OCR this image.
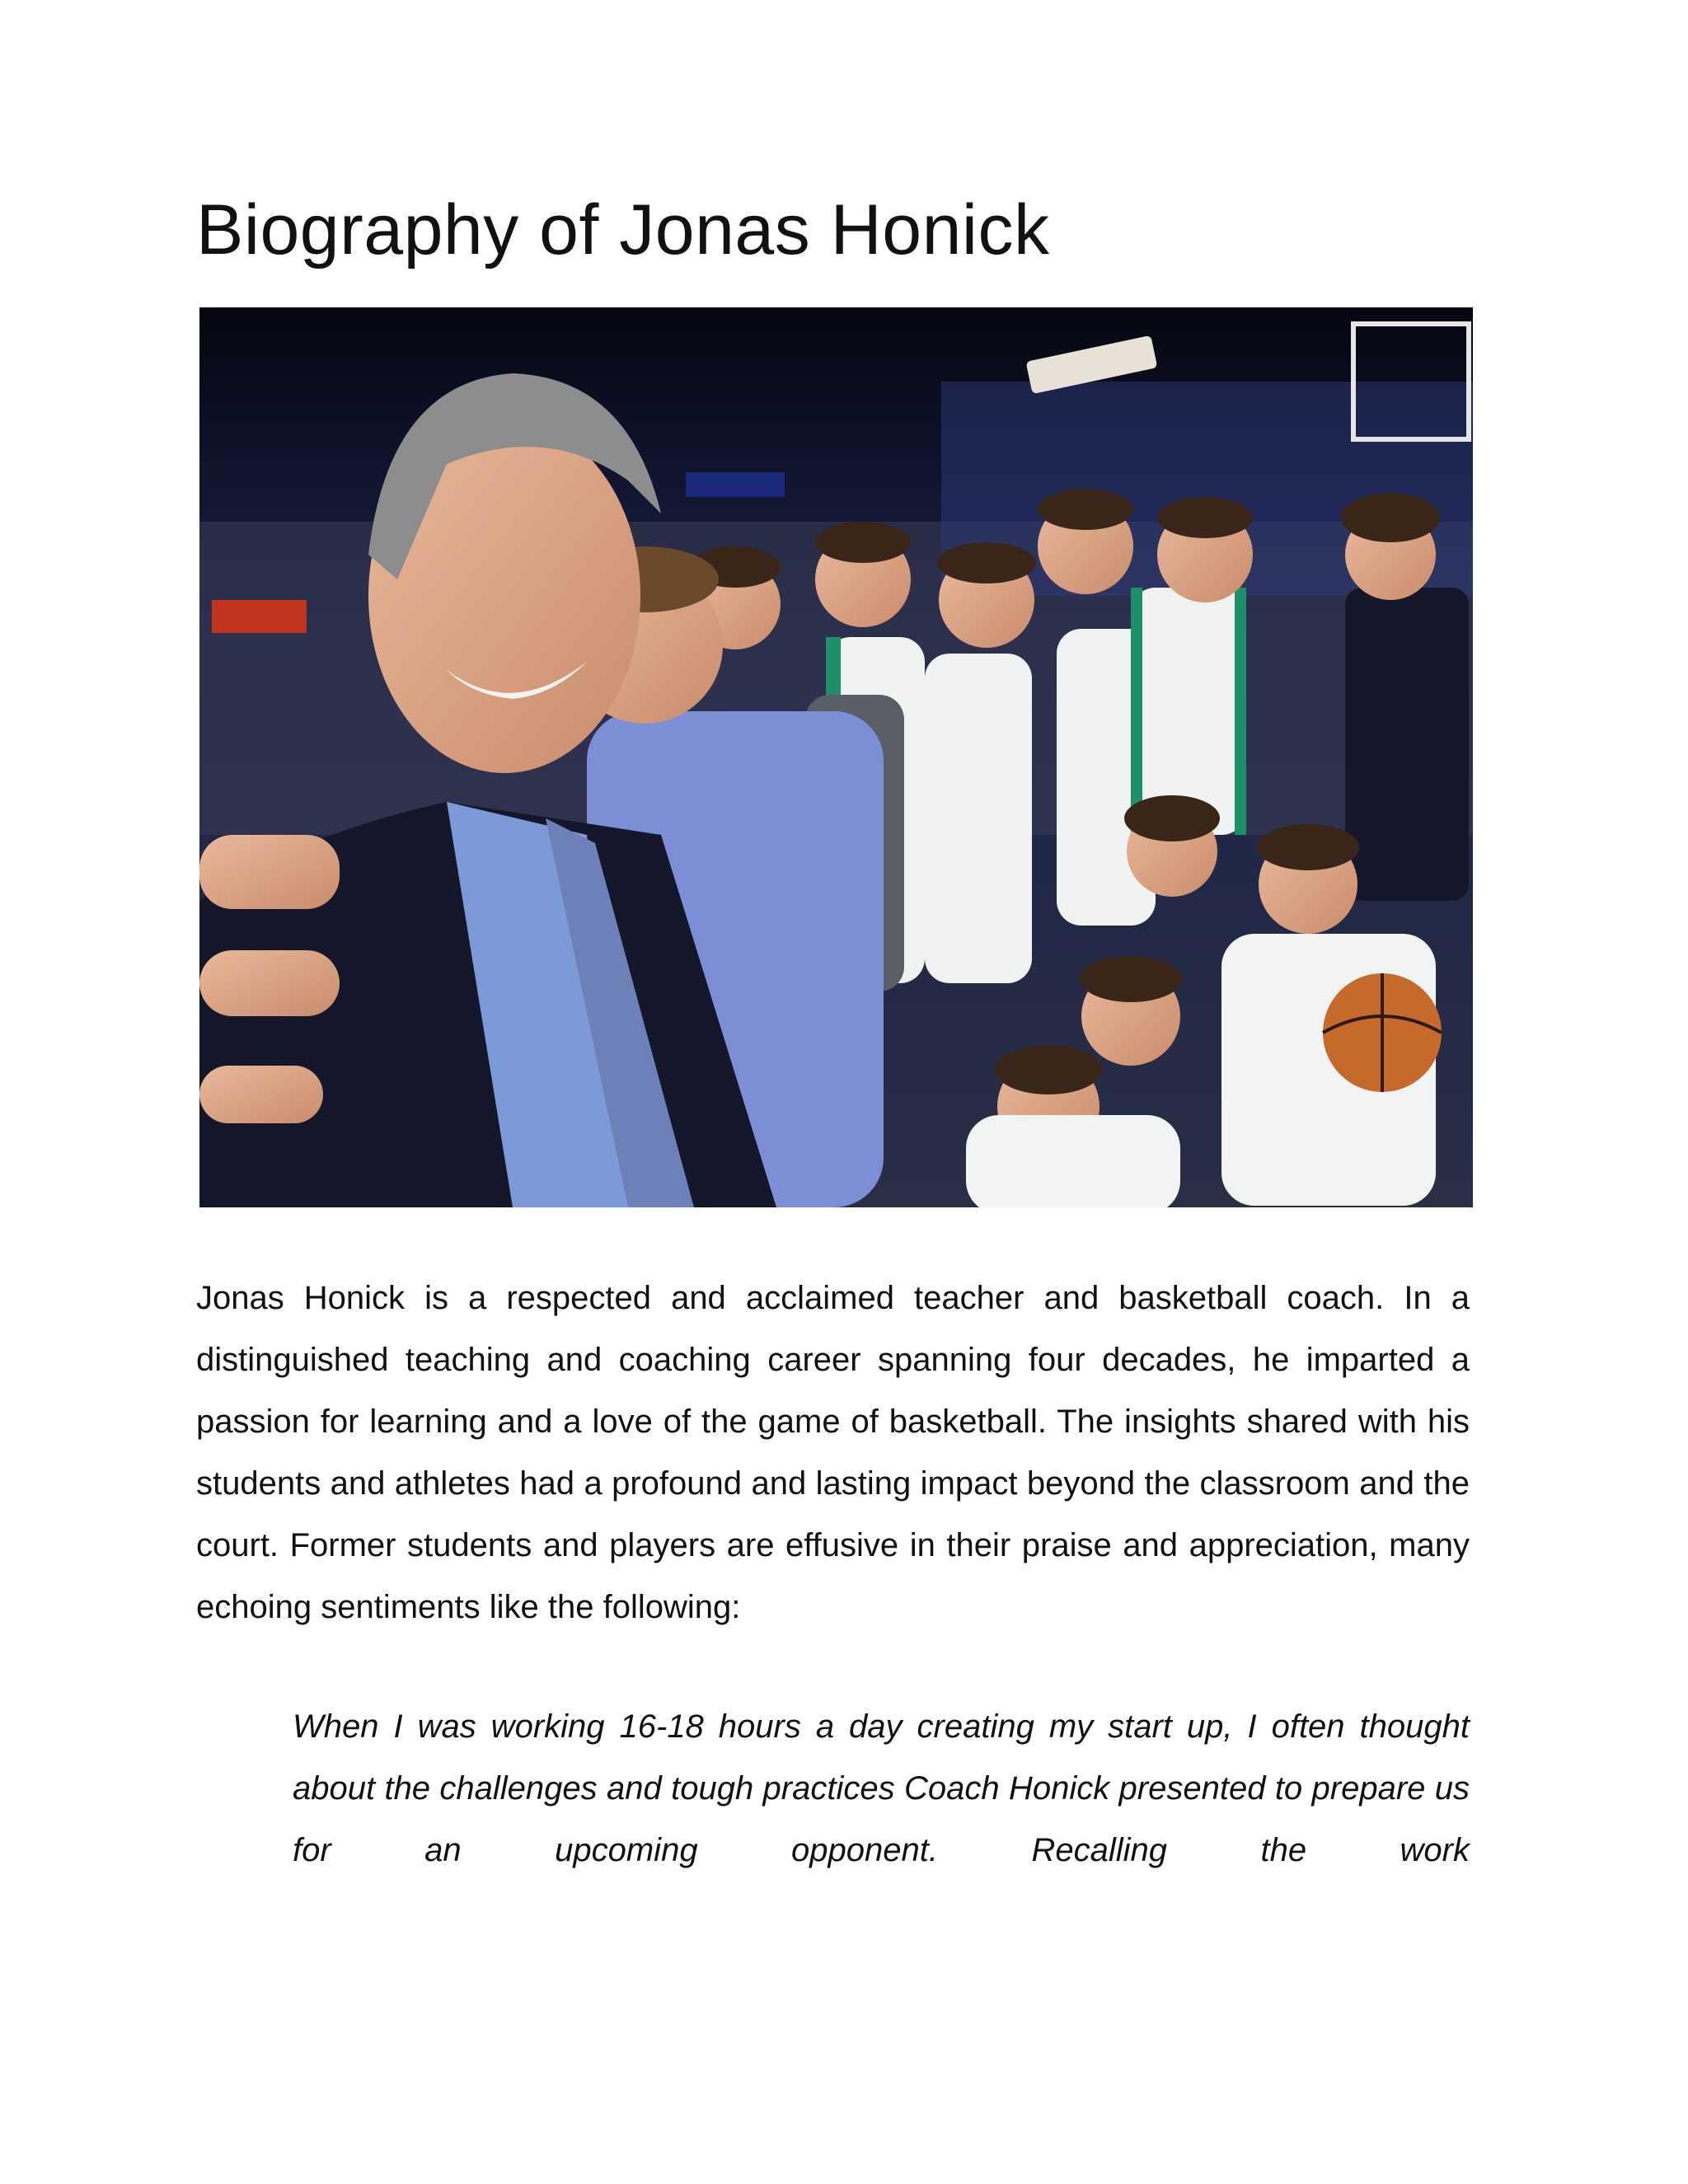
Biography of Jonas Honick

Jonas Honick is a respected and acclaimed teacher and basketball coach. In a distinguished teaching and coaching career spanning four decades, he imparted a passion for learning and a love of the game of basketball. The insights shared with his students and athletes had a profound and lasting impact beyond the classroom and the court. Former students and players are effusive in their praise and appreciation, many echoing sentiments like the following:

When I was working 16-18 hours a day creating my start up, I often thought about the challenges and tough practices Coach Honick presented to prepare us for an upcoming opponent. Recalling the work
